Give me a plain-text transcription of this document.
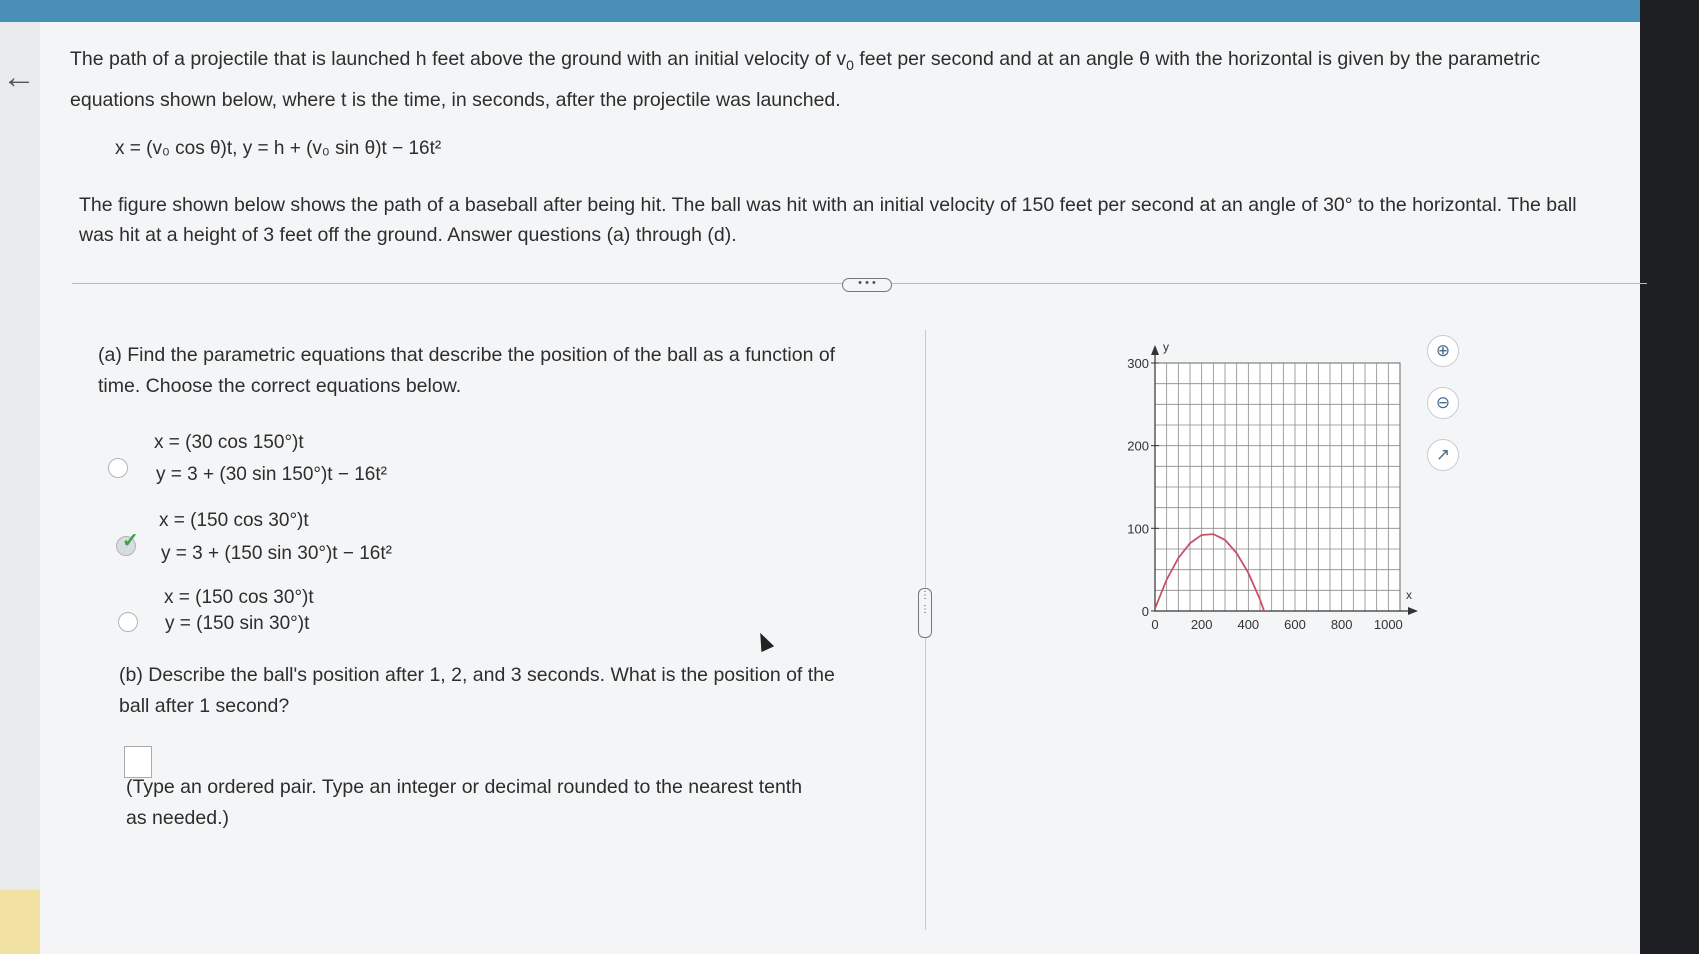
← The path of a projectile that is launched h feet above the ground with an initial velocity of $v_0$ feet per second and at an angle θ with the horizontal is given by the parametric
equations shown below, where t is the time, in seconds, after the projectile was launched.
x = (v₀ cos θ)t, y = h + (v₀ sin θ)t − 16t²
The figure shown below shows the path of a baseball after being hit. The ball was hit with an initial velocity of 150 feet per second at an angle of 30° to the horizontal. The ball
was hit at a height of 3 feet off the ground. Answer questions (a) through (d).
• • •
(a) Find the parametric equations that describe the position of the ball as a function of
time. Choose the correct equations below.
x = (30 cos 150°)t
y = 3 + (30 sin 150°)t − 16t²
✓
x = (150 cos 30°)t
y = 3 + (150 sin 30°)t − 16t²
x = (150 cos 30°)t
y = (150 sin 30°)t
(b) Describe the ball's position after 1, 2, and 3 seconds. What is the position of the
ball after 1 second?
(Type an ordered pair. Type an integer or decimal rounded to the nearest tenth
as needed.)
⋮
⋮
0 200 400 600 800 1000
0
100
200
300
x
y	⊕
⊖
↗
